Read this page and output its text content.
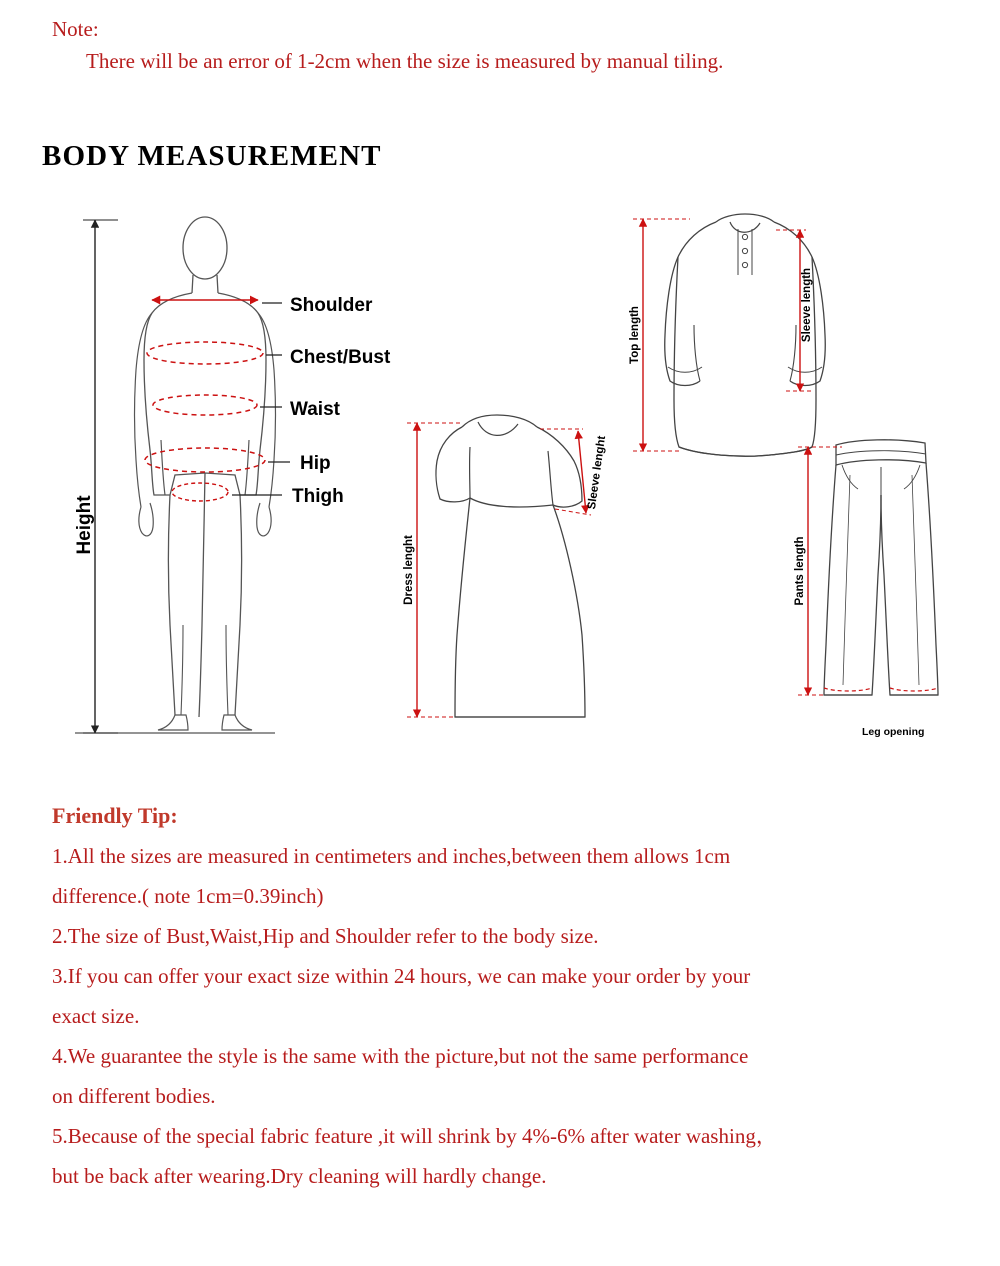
Note:
There will be an error of 1-2cm when the size is measured by manual tiling.
BODY MEASUREMENT
Height
Shoulder
Chest/Bust
Waist
Hip
Thigh
Dress lenght
Sleeve lenght
Top length	Sleeve length
Pants length
Leg opening
Friendly Tip:
1.All the sizes are measured in centimeters and inches,between them allows 1cm
difference.( note 1cm=0.39inch)
2.The size of Bust,Waist,Hip and Shoulder refer to the body size.
3.If you can offer your exact size within 24 hours, we can make your order by your
exact size.
4.We guarantee the style is the same with the picture,but not the same performance
on different bodies.
5.Because of the special fabric feature ,it will shrink by 4%-6% after water washing，
but be back after wearing.Dry cleaning will hardly change.
